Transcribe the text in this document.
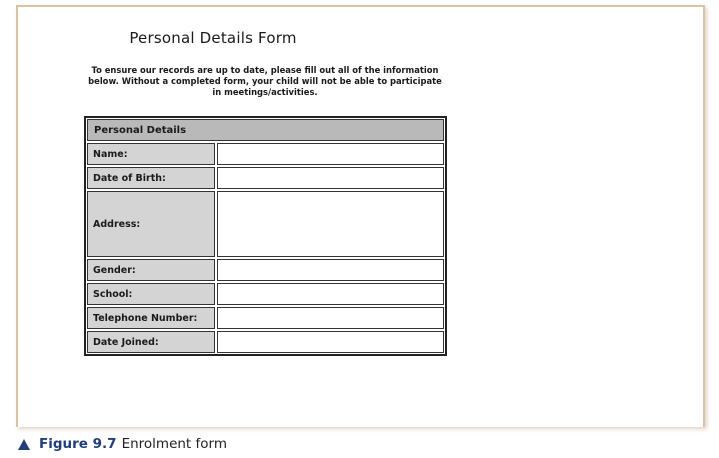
Personal Details Form
To ensure our records are up to date, please fill out all of the information
below. Without a completed form, your child will not be able to participate
in meetings/activities.
Personal Details
Name:
Date of Birth:
Address:
Gender:
School:
Telephone Number:
Date Joined:
Figure 9.7 Enrolment form
